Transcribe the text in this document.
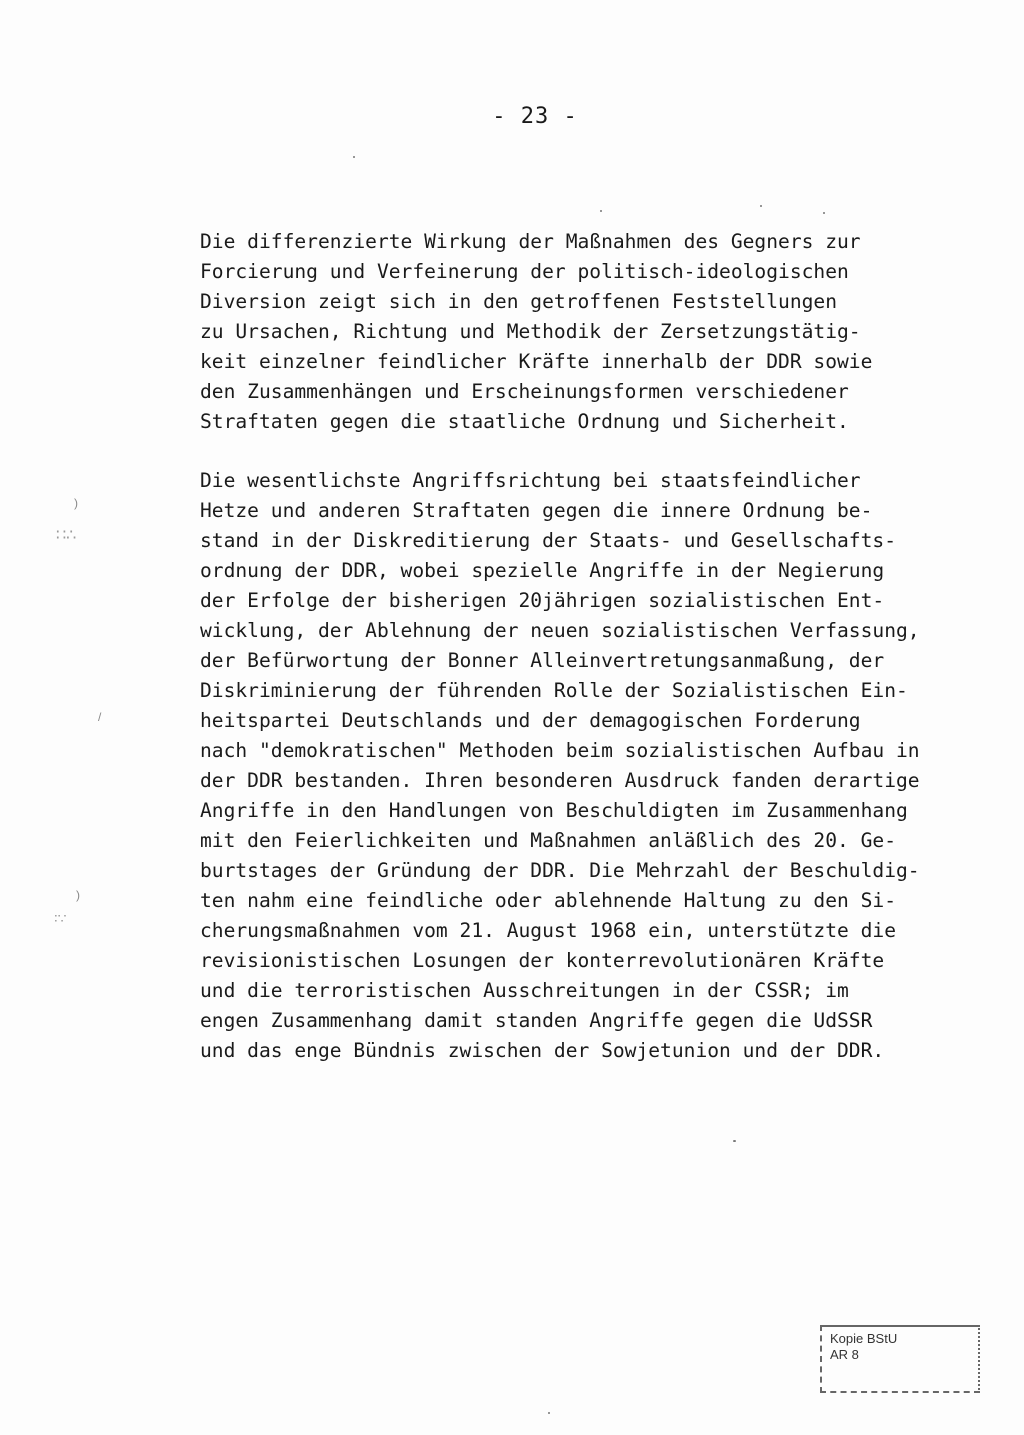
- 23 -
Die differenzierte Wirkung der Maßnahmen des Gegners zur
Forcierung und Verfeinerung der politisch-ideologischen
Diversion zeigt sich in den getroffenen Feststellungen
zu Ursachen, Richtung und Methodik der Zersetzungstätig-
keit einzelner feindlicher Kräfte innerhalb der DDR sowie
den Zusammenhängen und Erscheinungsformen verschiedener
Straftaten gegen die staatliche Ordnung und Sicherheit.
Die wesentlichste Angriffsrichtung bei staatsfeindlicher
Hetze und anderen Straftaten gegen die innere Ordnung be-
stand in der Diskreditierung der Staats- und Gesellschafts-
ordnung der DDR, wobei spezielle Angriffe in der Negierung
der Erfolge der bisherigen 20jährigen sozialistischen Ent-
wicklung, der Ablehnung der neuen sozialistischen Verfassung,
der Befürwortung der Bonner Alleinvertretungsanmaßung, der
Diskriminierung der führenden Rolle der Sozialistischen Ein-
heitspartei Deutschlands und der demagogischen Forderung
nach "demokratischen" Methoden beim sozialistischen Aufbau in
der DDR bestanden. Ihren besonderen Ausdruck fanden derartige
Angriffe in den Handlungen von Beschuldigten im Zusammenhang
mit den Feierlichkeiten und Maßnahmen anläßlich des 20. Ge-
burtstages der Gründung der DDR. Die Mehrzahl der Beschuldig-
ten nahm eine feindliche oder ablehnende Haltung zu den Si-
cherungsmaßnahmen vom 21. August 1968 ein, unterstützte die
revisionistischen Losungen der konterrevolutionären Kräfte
und die terroristischen Ausschreitungen in der CSSR; im
engen Zusammenhang damit standen Angriffe gegen die UdSSR
und das enge Bündnis zwischen der Sowjetunion und der DDR.
)
∷∴
/
)
∶∵
Kopie BStU
AR 8
